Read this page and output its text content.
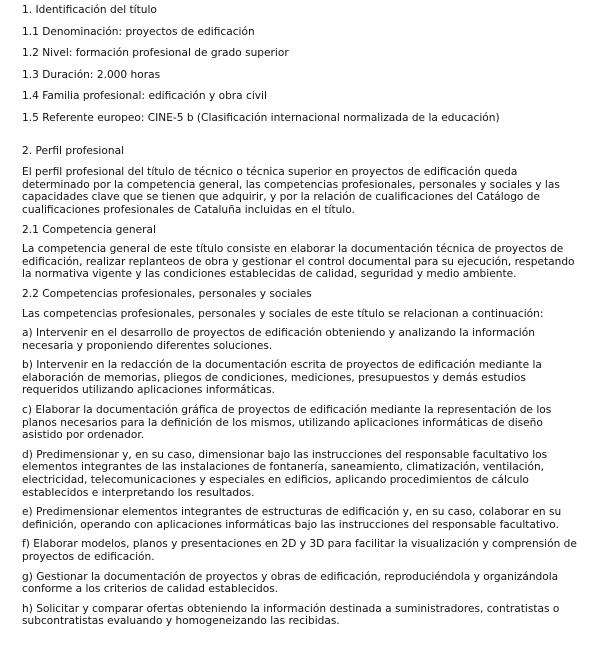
1. Identificación del título

1.1 Denominación: proyectos de edificación

1.2 Nivel: formación profesional de grado superior

1.3 Duración: 2.000 horas

1.4 Familia profesional: edificación y obra civil

1.5 Referente europeo: CINE-5 b (Clasificación internacional normalizada de la educación)

2. Perfil profesional

El perfil profesional del título de técnico o técnica superior en proyectos de edificación queda determinado por la competencia general, las competencias profesionales, personales y sociales y las capacidades clave que se tienen que adquirir, y por la relación de cualificaciones del Catálogo de cualificaciones profesionales de Cataluña incluidas en el título.

2.1 Competencia general

La competencia general de este título consiste en elaborar la documentación técnica de proyectos de edificación, realizar replanteos de obra y gestionar el control documental para su ejecución, respetando la normativa vigente y las condiciones establecidas de calidad, seguridad y medio ambiente.

2.2 Competencias profesionales, personales y sociales

Las competencias profesionales, personales y sociales de este título se relacionan a continuación:

a) Intervenir en el desarrollo de proyectos de edificación obteniendo y analizando la información necesaria y proponiendo diferentes soluciones.

b) Intervenir en la redacción de la documentación escrita de proyectos de edificación mediante la elaboración de memorias, pliegos de condiciones, mediciones, presupuestos y demás estudios requeridos utilizando aplicaciones informáticas.

c) Elaborar la documentación gráfica de proyectos de edificación mediante la representación de los planos necesarios para la definición de los mismos, utilizando aplicaciones informáticas de diseño asistido por ordenador.

d) Predimensionar y, en su caso, dimensionar bajo las instrucciones del responsable facultativo los elementos integrantes de las instalaciones de fontanería, saneamiento, climatización, ventilación, electricidad, telecomunicaciones y especiales en edificios, aplicando procedimientos de cálculo establecidos e interpretando los resultados.

e) Predimensionar elementos integrantes de estructuras de edificación y, en su caso, colaborar en su definición, operando con aplicaciones informáticas bajo las instrucciones del responsable facultativo.

f) Elaborar modelos, planos y presentaciones en 2D y 3D para facilitar la visualización y comprensión de proyectos de edificación.

g) Gestionar la documentación de proyectos y obras de edificación, reproduciéndola y organizándola conforme a los criterios de calidad establecidos.

h) Solicitar y comparar ofertas obteniendo la información destinada a suministradores, contratistas o subcontratistas evaluando y homogeneizando las recibidas.
